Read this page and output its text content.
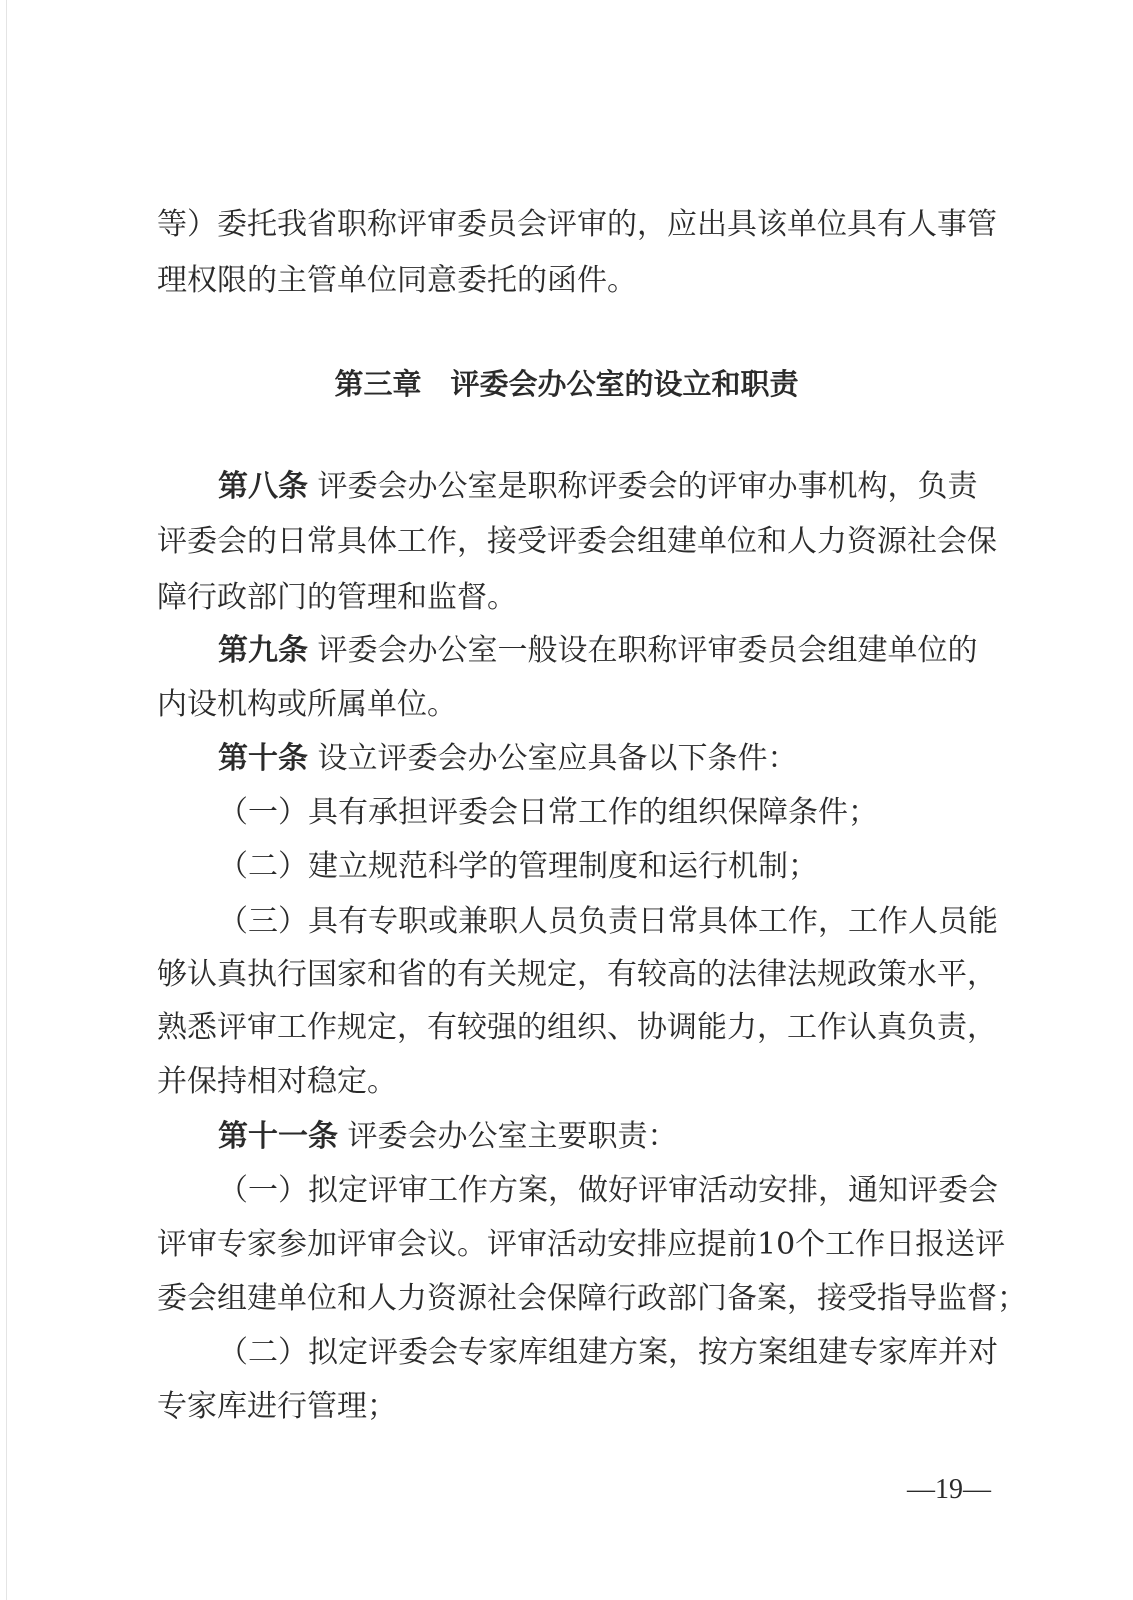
等）委托我省职称评审委员会评审的，应出具该单位具有人事管
理权限的主管单位同意委托的函件。
第三章　评委会办公室的设立和职责
第八条 评委会办公室是职称评委会的评审办事机构，负责
评委会的日常具体工作，接受评委会组建单位和人力资源社会保
障行政部门的管理和监督。
第九条 评委会办公室一般设在职称评审委员会组建单位的
内设机构或所属单位。
第十条 设立评委会办公室应具备以下条件：
（一）具有承担评委会日常工作的组织保障条件；
（二）建立规范科学的管理制度和运行机制；
（三）具有专职或兼职人员负责日常具体工作，工作人员能
够认真执行国家和省的有关规定，有较高的法律法规政策水平，
熟悉评审工作规定，有较强的组织、协调能力，工作认真负责，
并保持相对稳定。
第十一条 评委会办公室主要职责：
（一）拟定评审工作方案，做好评审活动安排，通知评委会
评审专家参加评审会议。评审活动安排应提前10个工作日报送评
委会组建单位和人力资源社会保障行政部门备案，接受指导监督；
（二）拟定评委会专家库组建方案，按方案组建专家库并对
专家库进行管理；
—19—
